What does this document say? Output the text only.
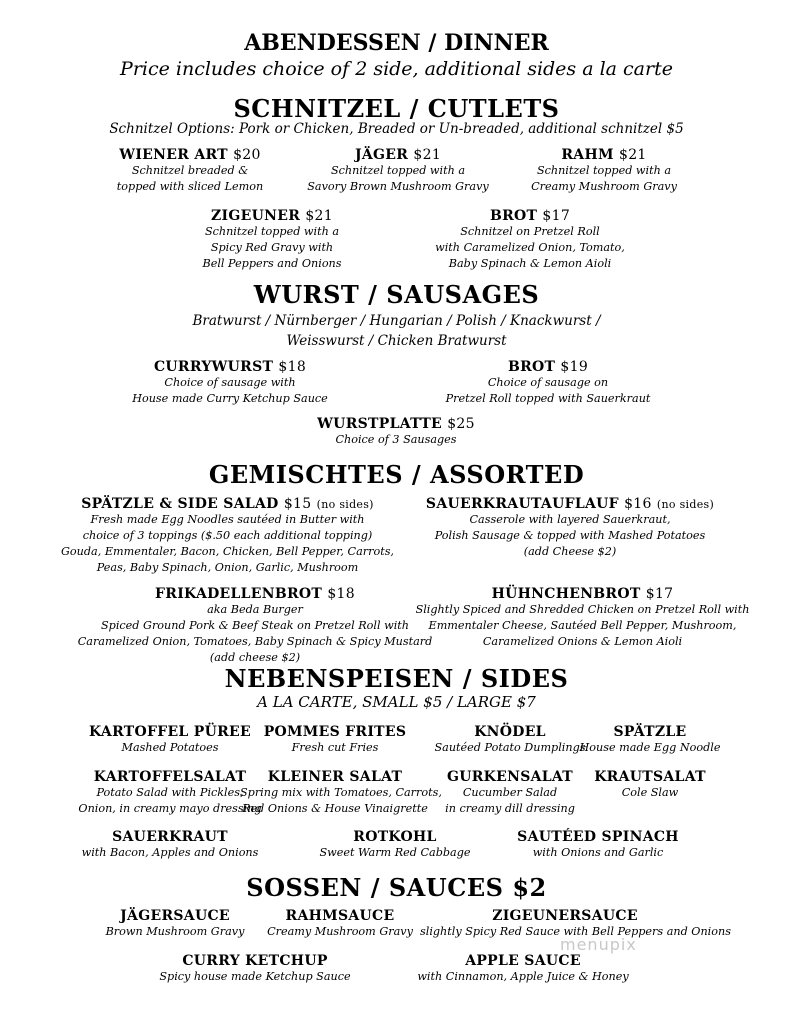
ABENDESSEN / DINNER
Price includes choice of 2 side, additional sides a la carte
SCHNITZEL / CUTLETS
Schnitzel Options: Pork or Chicken, Breaded or Un-breaded, additional schnitzel $5
WIENER ART $20
Schnitzel breaded &
topped with sliced Lemon
JÄGER $21
Schnitzel topped with a
Savory Brown Mushroom Gravy
RAHM $21
Schnitzel topped with a
Creamy Mushroom Gravy
ZIGEUNER $21
Schnitzel topped with a
Spicy Red Gravy with
Bell Peppers and Onions
BROT $17
Schnitzel on Pretzel Roll
with Caramelized Onion, Tomato,
Baby Spinach & Lemon Aioli
WURST / SAUSAGES
Bratwurst / Nürnberger / Hungarian / Polish / Knackwurst /
Weisswurst / Chicken Bratwurst
CURRYWURST $18
Choice of sausage with
House made Curry Ketchup Sauce
BROT $19
Choice of sausage on
Pretzel Roll topped with Sauerkraut
WURSTPLATTE $25
Choice of 3 Sausages
GEMISCHTES / ASSORTED
SPÄTZLE & SIDE SALAD $15 (no sides)
Fresh made Egg Noodles sautéed in Butter with
choice of 3 toppings ($.50 each additional topping)
Gouda, Emmentaler, Bacon, Chicken, Bell Pepper, Carrots,
Peas, Baby Spinach, Onion, Garlic, Mushroom
SAUERKRAUTAUFLAUF $16 (no sides)
Casserole with layered Sauerkraut,
Polish Sausage & topped with Mashed Potatoes
(add Cheese $2)
FRIKADELLENBROT $18
aka Beda Burger
Spiced Ground Pork & Beef Steak on Pretzel Roll with
Caramelized Onion, Tomatoes, Baby Spinach & Spicy Mustard
(add cheese $2)
HÜHNCHENBROT $17
Slightly Spiced and Shredded Chicken on Pretzel Roll with
Emmentaler Cheese, Sautéed Bell Pepper, Mushroom,
Caramelized Onions & Lemon Aioli
NEBENSPEISEN / SIDES
A LA CARTE, SMALL $5 / LARGE $7
KARTOFFEL PÜREE
Mashed Potatoes
POMMES FRITES
Fresh cut Fries
KNÖDEL
Sautéed Potato Dumplings
SPÄTZLE
House made Egg Noodle
KARTOFFELSALAT
Potato Salad with Pickles,
Onion, in creamy mayo dressing
KLEINER SALAT
Spring mix with Tomatoes, Carrots,
Red Onions & House Vinaigrette
GURKENSALAT
Cucumber Salad
in creamy dill dressing
KRAUTSALAT
Cole Slaw
SAUERKRAUT
with Bacon, Apples and Onions
ROTKOHL
Sweet Warm Red Cabbage
SAUTÉED SPINACH
with Onions and Garlic
SOSSEN / SAUCES $2
JÄGERSAUCE
Brown Mushroom Gravy
RAHMSAUCE
Creamy Mushroom Gravy
ZIGEUNERSAUCE
slightly Spicy Red Sauce with Bell Peppers and Onions
CURRY KETCHUP
Spicy house made Ketchup Sauce
APPLE SAUCE
with Cinnamon, Apple Juice & Honey
menupix
